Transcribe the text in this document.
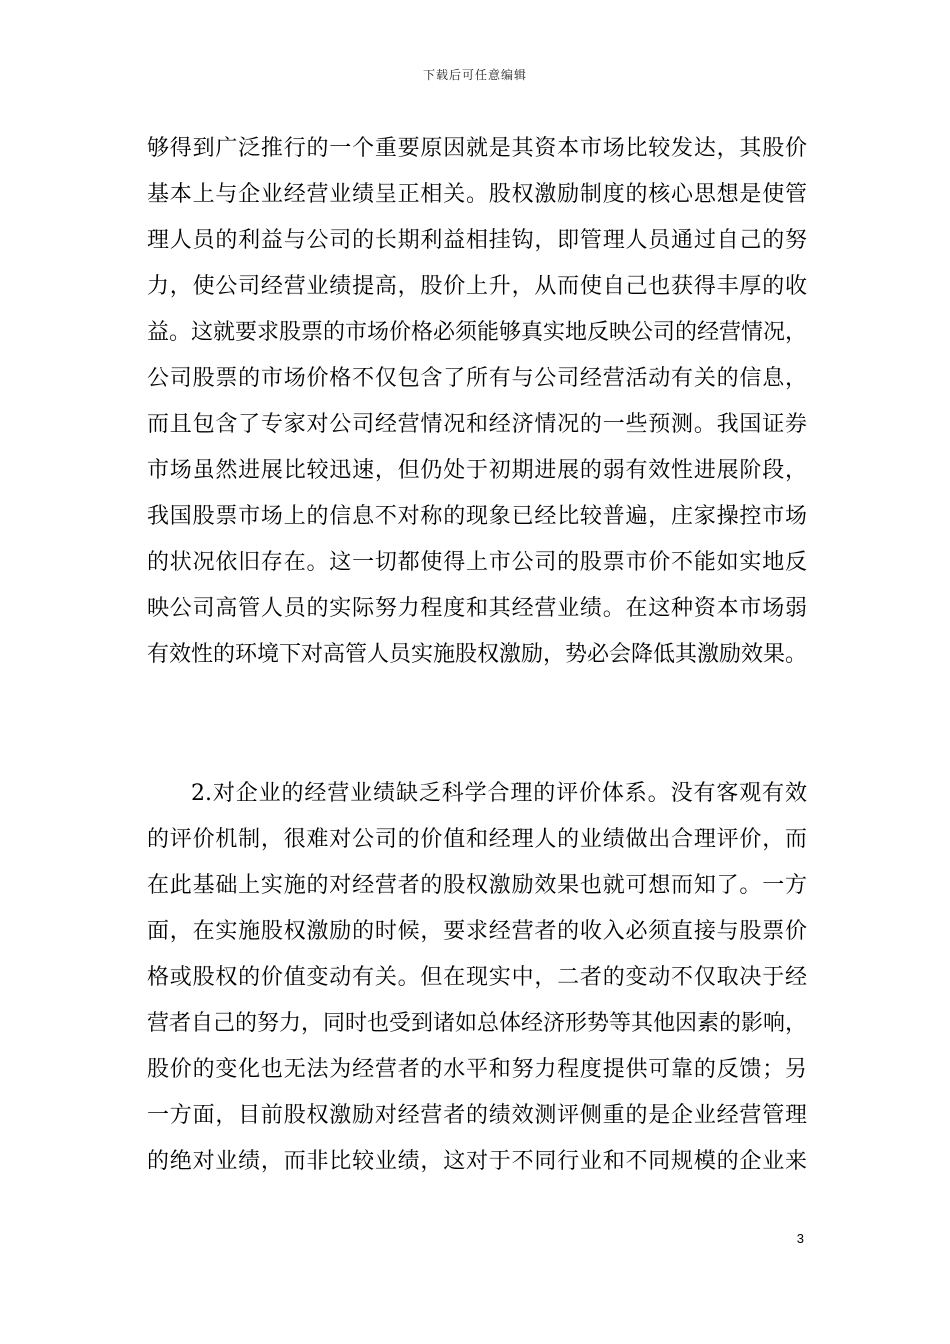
下载后可任意编辑
够得到广泛推行的一个重要原因就是其资本市场比较发达，其股价
基本上与企业经营业绩呈正相关。股权激励制度的核心思想是使管
理人员的利益与公司的长期利益相挂钩，即管理人员通过自己的努
力，使公司经营业绩提高，股价上升，从而使自己也获得丰厚的收
益。这就要求股票的市场价格必须能够真实地反映公司的经营情况，
公司股票的市场价格不仅包含了所有与公司经营活动有关的信息，
而且包含了专家对公司经营情况和经济情况的一些预测。我国证券
市场虽然进展比较迅速，但仍处于初期进展的弱有效性进展阶段，
我国股票市场上的信息不对称的现象已经比较普遍，庄家操控市场
的状况依旧存在。这一切都使得上市公司的股票市价不能如实地反
映公司高管人员的实际努力程度和其经营业绩。在这种资本市场弱
有效性的环境下对高管人员实施股权激励，势必会降低其激励效果。
2.对企业的经营业绩缺乏科学合理的评价体系。没有客观有效
的评价机制，很难对公司的价值和经理人的业绩做出合理评价，而
在此基础上实施的对经营者的股权激励效果也就可想而知了。一方
面，在实施股权激励的时候，要求经营者的收入必须直接与股票价
格或股权的价值变动有关。但在现实中，二者的变动不仅取决于经
营者自己的努力，同时也受到诸如总体经济形势等其他因素的影响，
股价的变化也无法为经营者的水平和努力程度提供可靠的反馈；另
一方面，目前股权激励对经营者的绩效测评侧重的是企业经营管理
的绝对业绩，而非比较业绩，这对于不同行业和不同规模的企业来
3
